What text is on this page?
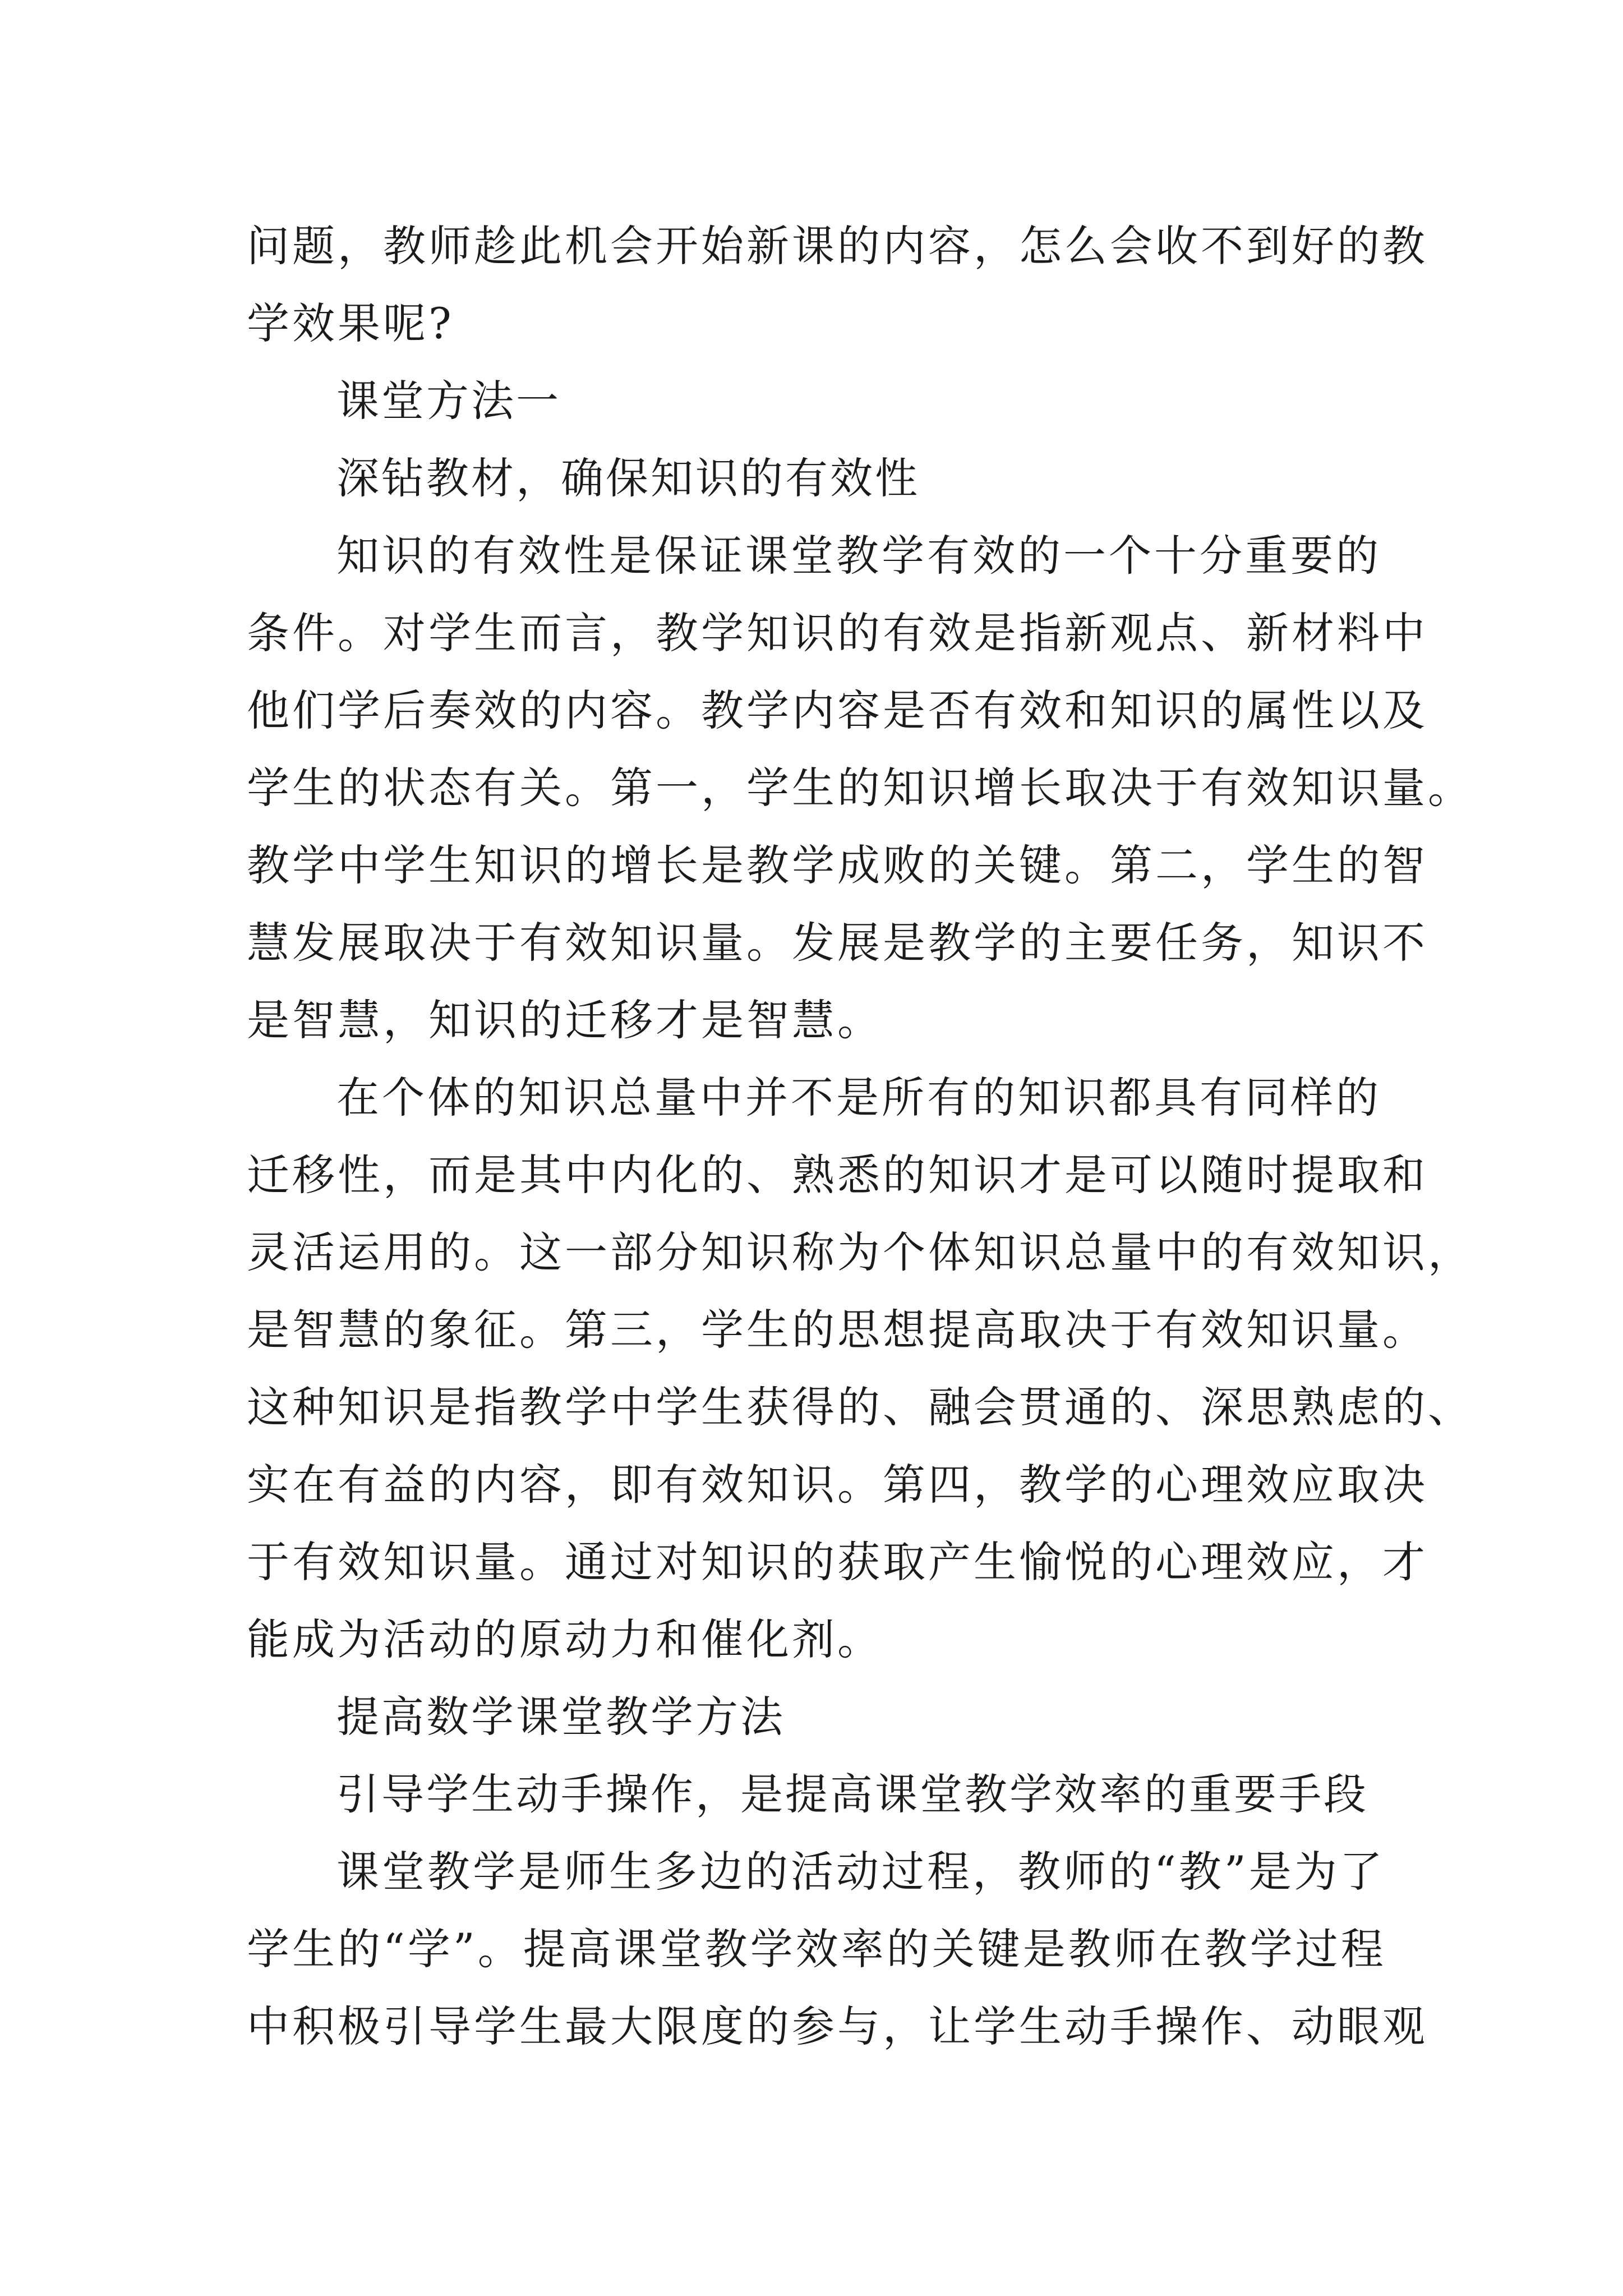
问题，教师趁此机会开始新课的内容，怎么会收不到好的教
学效果呢?
课堂方法一
深钻教材，确保知识的有效性
知识的有效性是保证课堂教学有效的一个十分重要的
条件。对学生而言，教学知识的有效是指新观点、新材料中
他们学后奏效的内容。教学内容是否有效和知识的属性以及
学生的状态有关。第一，学生的知识增长取决于有效知识量。
教学中学生知识的增长是教学成败的关键。第二，学生的智
慧发展取决于有效知识量。发展是教学的主要任务，知识不
是智慧，知识的迁移才是智慧。
在个体的知识总量中并不是所有的知识都具有同样的
迁移性，而是其中内化的、熟悉的知识才是可以随时提取和
灵活运用的。这一部分知识称为个体知识总量中的有效知识，
是智慧的象征。第三，学生的思想提高取决于有效知识量。
这种知识是指教学中学生获得的、融会贯通的、深思熟虑的、
实在有益的内容，即有效知识。第四，教学的心理效应取决
于有效知识量。通过对知识的获取产生愉悦的心理效应，才
能成为活动的原动力和催化剂。
提高数学课堂教学方法
引导学生动手操作，是提高课堂教学效率的重要手段
课堂教学是师生多边的活动过程，教师的“教”是为了
学生的“学”。提高课堂教学效率的关键是教师在教学过程
中积极引导学生最大限度的参与，让学生动手操作、动眼观
